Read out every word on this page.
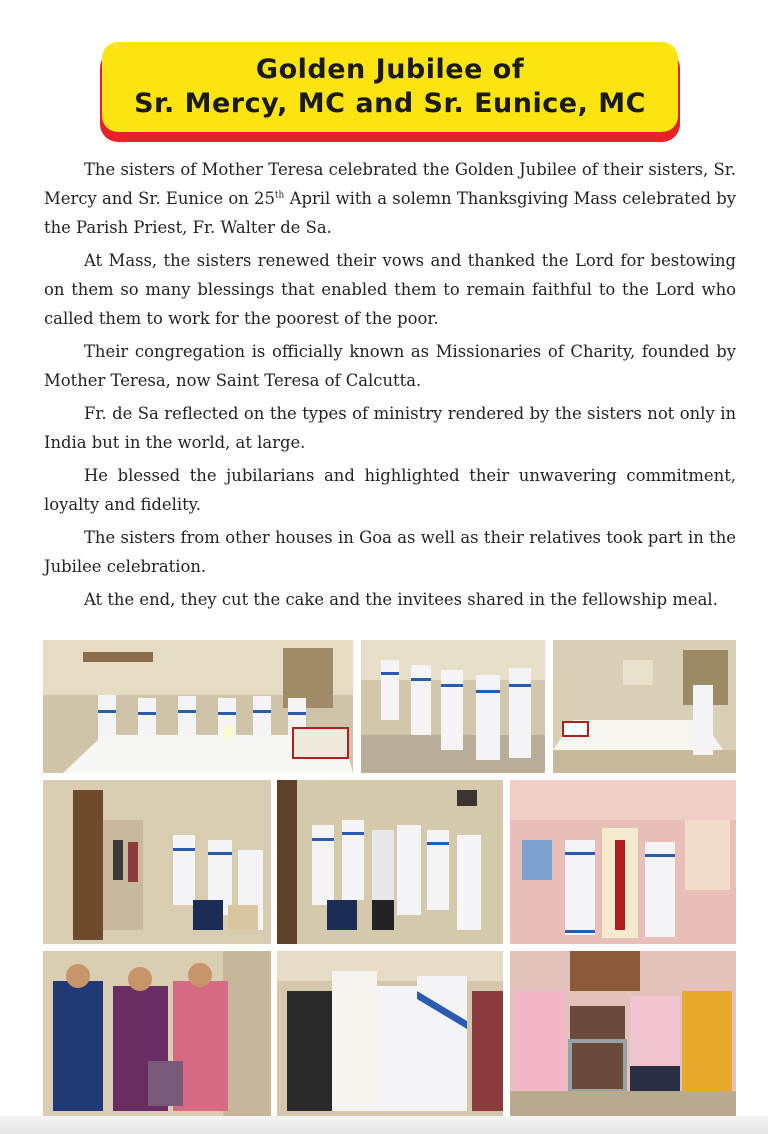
Golden Jubilee of
Sr. Mercy, MC and Sr. Eunice, MC

The sisters of Mother Teresa celebrated the Golden Jubilee of their sisters, Sr. Mercy and Sr. Eunice on 25th April with a solemn Thanksgiving Mass celebrated by the Parish Priest, Fr. Walter de Sa.

At Mass, the sisters renewed their vows and thanked the Lord for bestowing on them so many blessings that enabled them to remain faithful to the Lord who called them to work for the poorest of the poor.

Their congregation is officially known as Missionaries of Charity, founded by Mother Teresa, now Saint Teresa of Calcutta.

Fr. de Sa reflected on the types of ministry rendered by the sisters not only in India but in the world, at large.

He blessed the jubilarians and highlighted their unwavering commitment, loyalty and fidelity.

The sisters from other houses in Goa as well as their relatives took part in the Jubilee celebration.

At the end, they cut the cake and the invitees shared in the fellowship meal.
